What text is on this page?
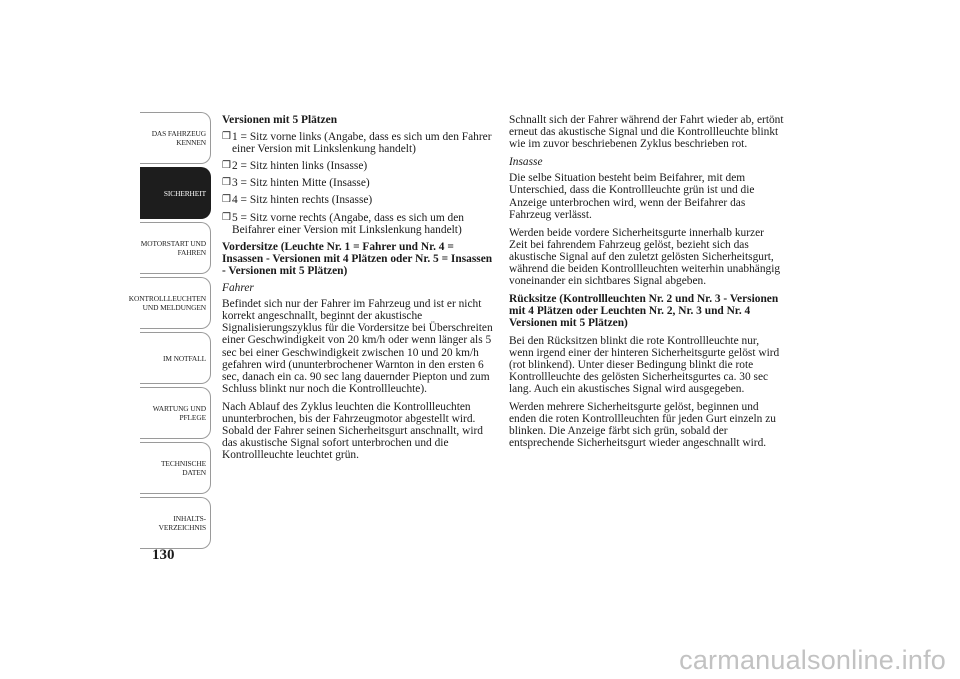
DAS FAHRZEUG
KENNEN
SICHERHEIT
MOTORSTART UND
FAHREN
KONTROLLLEUCHTEN
UND MELDUNGEN
IM NOTFALL
WARTUNG UND
PFLEGE
TECHNISCHE
DATEN
INHALTS-
VERZEICHNIS
130

Versionen mit 5 Plätzen

❒ 1 = Sitz vorne links (Angabe, dass es sich um den Fahrer einer Version mit Linkslenkung handelt)
❒ 2 = Sitz hinten links (Insasse)
❒ 3 = Sitz hinten Mitte (Insasse)
❒ 4 = Sitz hinten rechts (Insasse)
❒ 5 = Sitz vorne rechts (Angabe, dass es sich um den Beifahrer einer Version mit Linkslenkung handelt)

Vordersitze (Leuchte Nr. 1 = Fahrer und Nr. 4 = Insassen - Versionen mit 4 Plätzen oder Nr. 5 = Insassen - Versionen mit 5 Plätzen)

Fahrer

Befindet sich nur der Fahrer im Fahrzeug und ist er nicht korrekt angeschnallt, beginnt der akustische Signalisierungszyklus für die Vordersitze bei Überschreiten einer Geschwindigkeit von 20 km/h oder wenn länger als 5 sec bei einer Geschwindigkeit zwischen 10 und 20 km/h gefahren wird (ununterbrochener Warnton in den ersten 6 sec, danach ein ca. 90 sec lang dauernder Piepton und zum Schluss blinkt nur noch die Kontrollleuchte).

Nach Ablauf des Zyklus leuchten die Kontrollleuchten ununterbrochen, bis der Fahrzeugmotor abgestellt wird. Sobald der Fahrer seinen Sicherheitsgurt anschnallt, wird das akustische Signal sofort unterbrochen und die Kontrollleuchte leuchtet grün.

Schnallt sich der Fahrer während der Fahrt wieder ab, ertönt erneut das akustische Signal und die Kontrollleuchte blinkt wie im zuvor beschriebenen Zyklus beschrieben rot.

Insasse

Die selbe Situation besteht beim Beifahrer, mit dem Unterschied, dass die Kontrollleuchte grün ist und die Anzeige unterbrochen wird, wenn der Beifahrer das Fahrzeug verlässt.

Werden beide vordere Sicherheitsgurte innerhalb kurzer Zeit bei fahrendem Fahrzeug gelöst, bezieht sich das akustische Signal auf den zuletzt gelösten Sicherheitsgurt, während die beiden Kontrollleuchten weiterhin unabhängig voneinander ein sichtbares Signal abgeben.

Rücksitze (Kontrollleuchten Nr. 2 und Nr. 3 - Versionen mit 4 Plätzen oder Leuchten Nr. 2, Nr. 3 und Nr. 4 Versionen mit 5 Plätzen)

Bei den Rücksitzen blinkt die rote Kontrollleuchte nur, wenn irgend einer der hinteren Sicherheitsgurte gelöst wird (rot blinkend). Unter dieser Bedingung blinkt die rote Kontrollleuchte des gelösten Sicherheitsgurtes ca. 30 sec lang. Auch ein akustisches Signal wird ausgegeben.

Werden mehrere Sicherheitsgurte gelöst, beginnen und enden die roten Kontrollleuchten für jeden Gurt einzeln zu blinken. Die Anzeige färbt sich grün, sobald der entsprechende Sicherheitsgurt wieder angeschnallt wird.

carmanualsonline.info
